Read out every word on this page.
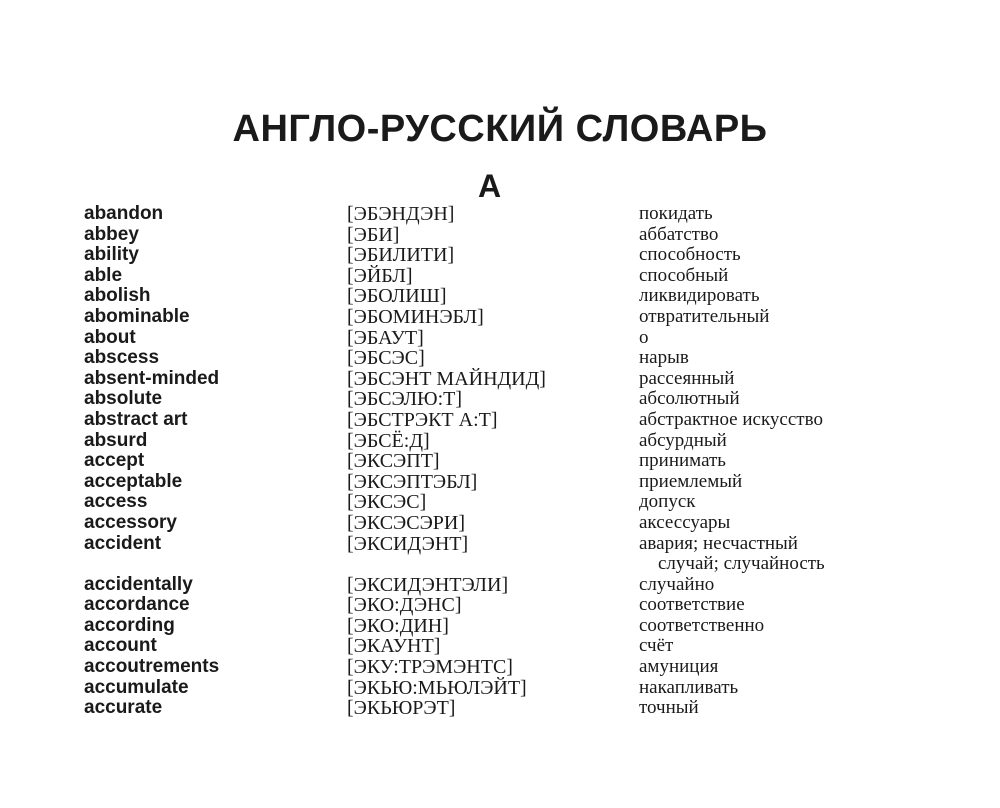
АНГЛО-РУССКИЙ СЛОВАРЬ
A
abandon	[ЭБЭНДЭН]	покидать
abbey	[ЭБИ]	аббатство
ability	[ЭБИЛИТИ]	способность
able	[ЭЙБЛ]	способный
abolish	[ЭБОЛИШ]	ликвидировать
abominable	[ЭБОМИНЭБЛ]	отвратительный
about	[ЭБАУТ]	о
abscess	[ЭБСЭС]	нарыв
absent-minded	[ЭБСЭНТ МАЙНДИД]	рассеянный
absolute	[ЭБСЭЛЮ:Т]	абсолютный
abstract art	[ЭБСТРЭКТ А:Т]	абстрактное искусство
absurd	[ЭБСЁ:Д]	абсурдный
accept	[ЭКСЭПТ]	принимать
acceptable	[ЭКСЭПТЭБЛ]	приемлемый
access	[ЭКСЭС]	допуск
accessory	[ЭКСЭСЭРИ]	аксессуары
accident	[ЭКСИДЭНТ]	авария; несчастный
случай; случайность
accidentally	[ЭКСИДЭНТЭЛИ]	случайно
accordance	[ЭКО:ДЭНС]	соответствие
according	[ЭКО:ДИН]	соответственно
account	[ЭКАУНТ]	счёт
accoutrements	[ЭКУ:ТРЭМЭНТС]	амуниция
accumulate	[ЭКЬЮ:МЬЮЛЭЙТ]	накапливать
accurate	[ЭКЬЮРЭТ]	точный
